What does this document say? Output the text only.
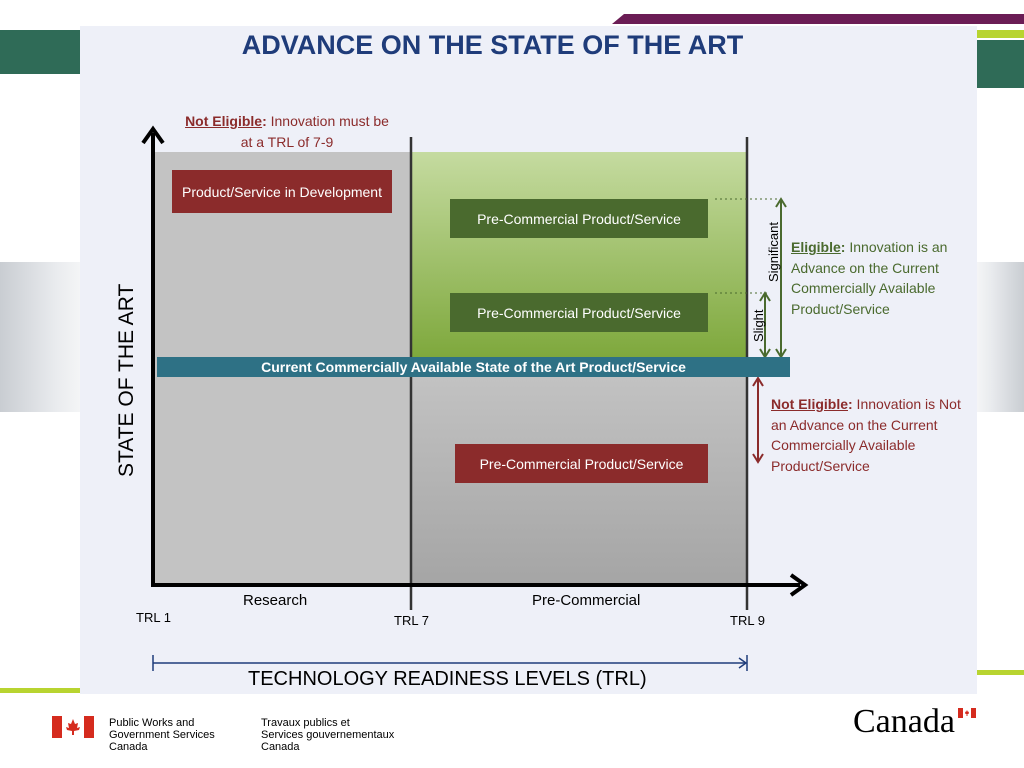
ADVANCE ON THE STATE OF THE ART
Product/Service in Development
Pre-Commercial Product/Service
Pre-Commercial Product/Service
Pre-Commercial Product/Service
Current Commercially Available State of the Art Product/Service
Not Eligible: Innovation must be at a TRL of 7-9
Eligible: Innovation is an Advance on the Current Commercially Available Product/Service
Not Eligible: Innovation is Not an Advance on the Current Commercially Available Product/Service
Significant
Slight
STATE OF THE ART
Research	Pre-Commercial
TRL 1	TRL 7	TRL 9
TECHNOLOGY READINESS LEVELS (TRL)
Public Works and
Government Services
Canada
Travaux publics et
Services gouvernementaux
Canada
Canada
